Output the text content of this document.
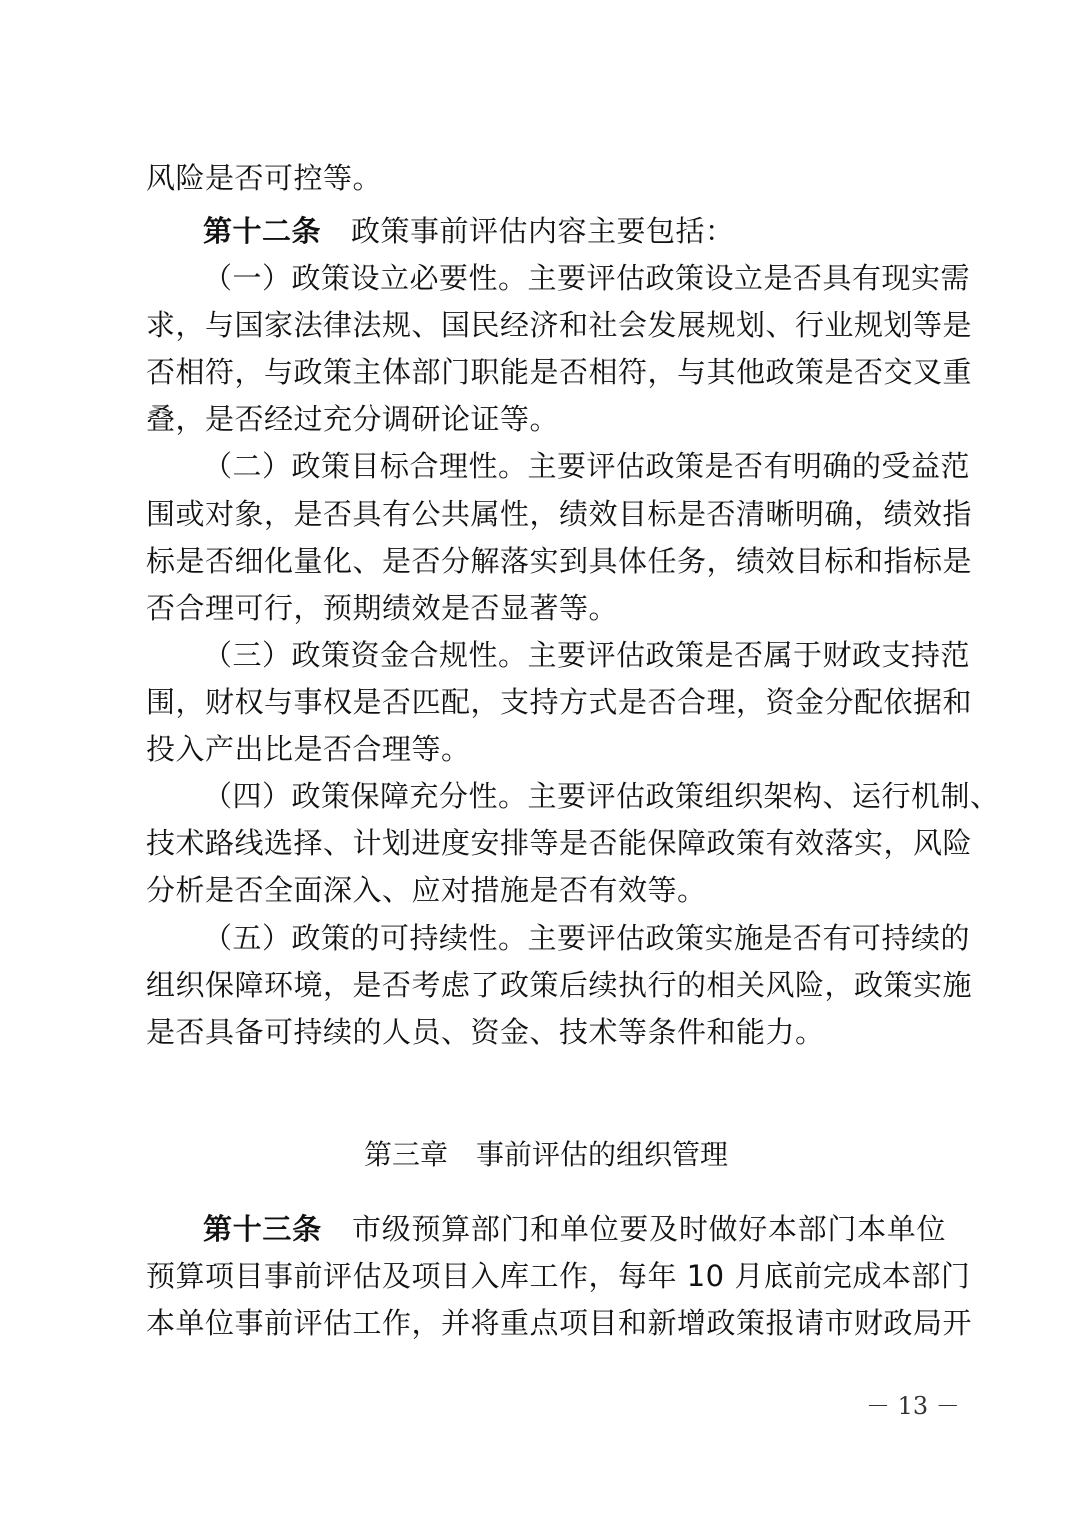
风险是否可控等。
第十二条 政策事前评估内容主要包括：
（一）政策设立必要性。主要评估政策设立是否具有现实需
求，与国家法律法规、国民经济和社会发展规划、行业规划等是
否相符，与政策主体部门职能是否相符，与其他政策是否交叉重
叠，是否经过充分调研论证等。
（二）政策目标合理性。主要评估政策是否有明确的受益范
围或对象，是否具有公共属性，绩效目标是否清晰明确，绩效指
标是否细化量化、是否分解落实到具体任务，绩效目标和指标是
否合理可行，预期绩效是否显著等。
（三）政策资金合规性。主要评估政策是否属于财政支持范
围，财权与事权是否匹配，支持方式是否合理，资金分配依据和
投入产出比是否合理等。
（四）政策保障充分性。主要评估政策组织架构、运行机制、
技术路线选择、计划进度安排等是否能保障政策有效落实，风险
分析是否全面深入、应对措施是否有效等。
（五）政策的可持续性。主要评估政策实施是否有可持续的
组织保障环境，是否考虑了政策后续执行的相关风险，政策实施
是否具备可持续的人员、资金、技术等条件和能力。
第三章　事前评估的组织管理
第十三条 市级预算部门和单位要及时做好本部门本单位
预算项目事前评估及项目入库工作，每年 10 月底前完成本部门
本单位事前评估工作，并将重点项目和新增政策报请市财政局开
－ 13 －
